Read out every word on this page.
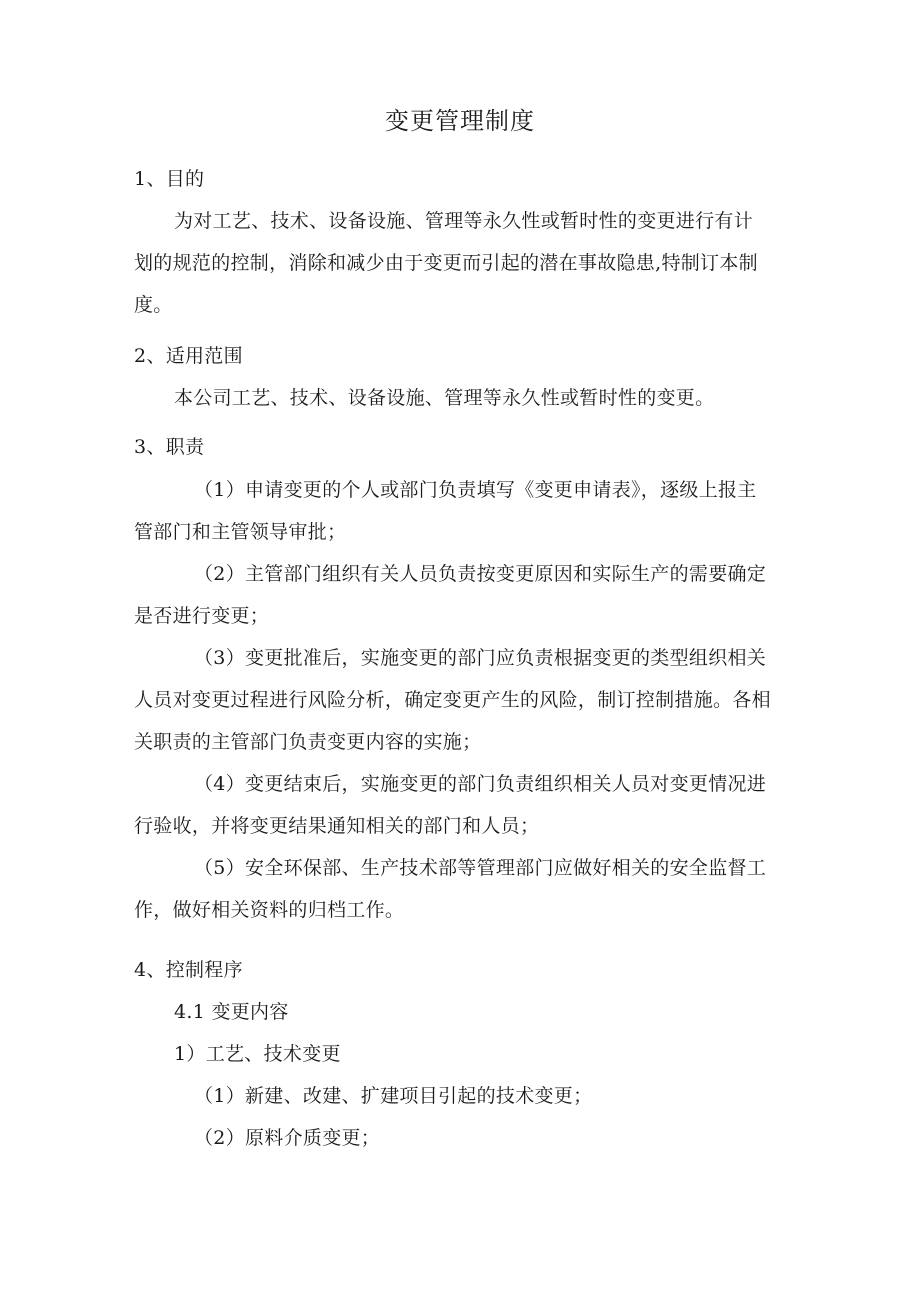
变更管理制度
1、目的
为对工艺、技术、设备设施、管理等永久性或暂时性的变更进行有计
划的规范的控制，消除和减少由于变更而引起的潜在事故隐患,特制订本制
度。
2、适用范围
本公司工艺、技术、设备设施、管理等永久性或暂时性的变更。
3、职责
（1）申请变更的个人或部门负责填写《变更申请表》，逐级上报主
管部门和主管领导审批；
（2）主管部门组织有关人员负责按变更原因和实际生产的需要确定
是否进行变更；
（3）变更批准后，实施变更的部门应负责根据变更的类型组织相关
人员对变更过程进行风险分析，确定变更产生的风险，制订控制措施。各相
关职责的主管部门负责变更内容的实施；
（4）变更结束后，实施变更的部门负责组织相关人员对变更情况进
行验收，并将变更结果通知相关的部门和人员；
（5）安全环保部、生产技术部等管理部门应做好相关的安全监督工
作，做好相关资料的归档工作。
4、控制程序
4.1 变更内容
1）工艺、技术变更
（1）新建、改建、扩建项目引起的技术变更；
（2）原料介质变更；
